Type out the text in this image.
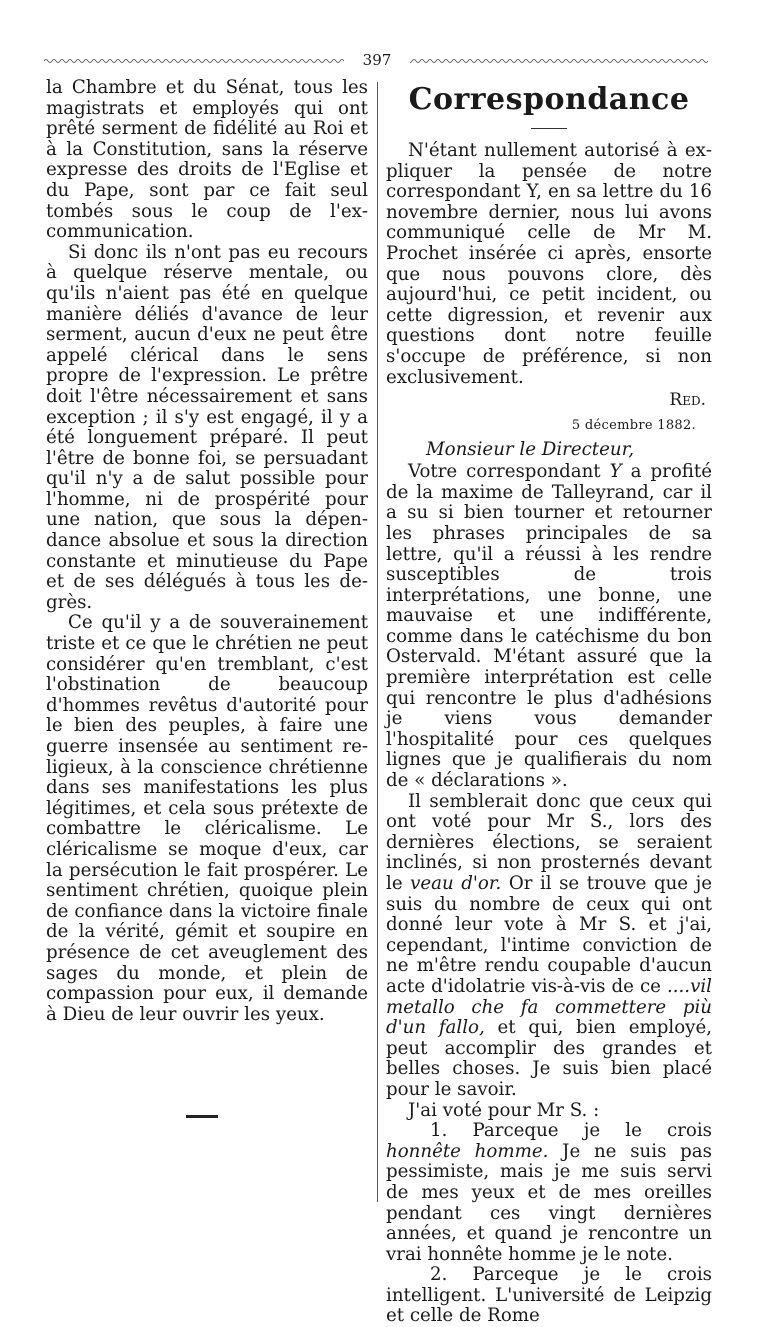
397

la Chambre et du Sénat, tous les magistrats et employés qui ont prêté serment de fidélité au Roi et à la Constitution, sans la réserve expresse des droits de l'Eglise et du Pape, sont par ce fait seul tombés sous le coup de l'excommunication.

Si donc ils n'ont pas eu recours à quelque réserve mentale, ou qu'ils n'aient pas été en quelque manière déliés d'avance de leur serment, aucun d'eux ne peut être appelé clérical dans le sens propre de l'expression. Le prêtre doit l'être nécessairement et sans exception ; il s'y est engagé, il y a été longuement préparé. Il peut l'être de bonne foi, se persuadant qu'il n'y a de salut possible pour l'homme, ni de prospérité pour une nation, que sous la dépendance absolue et sous la direction constante et minutieuse du Pape et de ses délégués à tous les degrès.

Ce qu'il y a de souverainement triste et ce que le chrétien ne peut considérer qu'en tremblant, c'est l'obstination de beaucoup d'hommes revêtus d'autorité pour le bien des peuples, à faire une guerre insensée au sentiment religieux, à la conscience chrétienne dans ses manifestations les plus légitimes, et cela sous prétexte de combattre le cléricalisme. Le cléricalisme se moque d'eux, car la persécution le fait prospérer. Le sentiment chrétien, quoique plein de confiance dans la victoire finale de la vérité, gémit et soupire en présence de cet aveuglement des sages du monde, et plein de compassion pour eux, il demande à Dieu de leur ouvrir les yeux.

Correspondance

N'étant nullement autorisé à expliquer la pensée de notre correspondant Y, en sa lettre du 16 novembre dernier, nous lui avons communiqué celle de Mr M. Prochet insérée ci après, ensorte que nous pouvons clore, dès aujourd'hui, ce petit incident, ou cette digression, et revenir aux questions dont notre feuille s'occupe de préférence, si non exclusivement.

Red.
5 décembre 1882.
Monsieur le Directeur,

Votre correspondant Y a profité de la maxime de Talleyrand, car il a su si bien tourner et retourner les phrases principales de sa lettre, qu'il a réussi à les rendre susceptibles de trois interprétations, une bonne, une mauvaise et une indifférente, comme dans le catéchisme du bon Ostervald. M'étant assuré que la première interprétation est celle qui rencontre le plus d'adhésions je viens vous demander l'hospitalité pour ces quelques lignes que je qualifierais du nom de « déclarations ».

Il semblerait donc que ceux qui ont voté pour Mr S., lors des dernières élections, se seraient inclinés, si non prosternés devant le veau d'or. Or il se trouve que je suis du nombre de ceux qui ont donné leur vote à Mr S. et j'ai, cependant, l'intime conviction de ne m'être rendu coupable d'aucun acte d'idolatrie vis-à-vis de ce ....vil metallo che fa commettere più d'un fallo, et qui, bien employé, peut accomplir des grandes et belles choses. Je suis bien placé pour le savoir.

J'ai voté pour Mr S. :

1. Parceque je le crois honnête homme. Je ne suis pas pessimiste, mais je me suis servi de mes yeux et de mes oreilles pendant ces vingt dernières années, et quand je rencontre un vrai honnête homme je le note.

2. Parceque je le crois intelligent. L'université de Leipzig et celle de Rome
